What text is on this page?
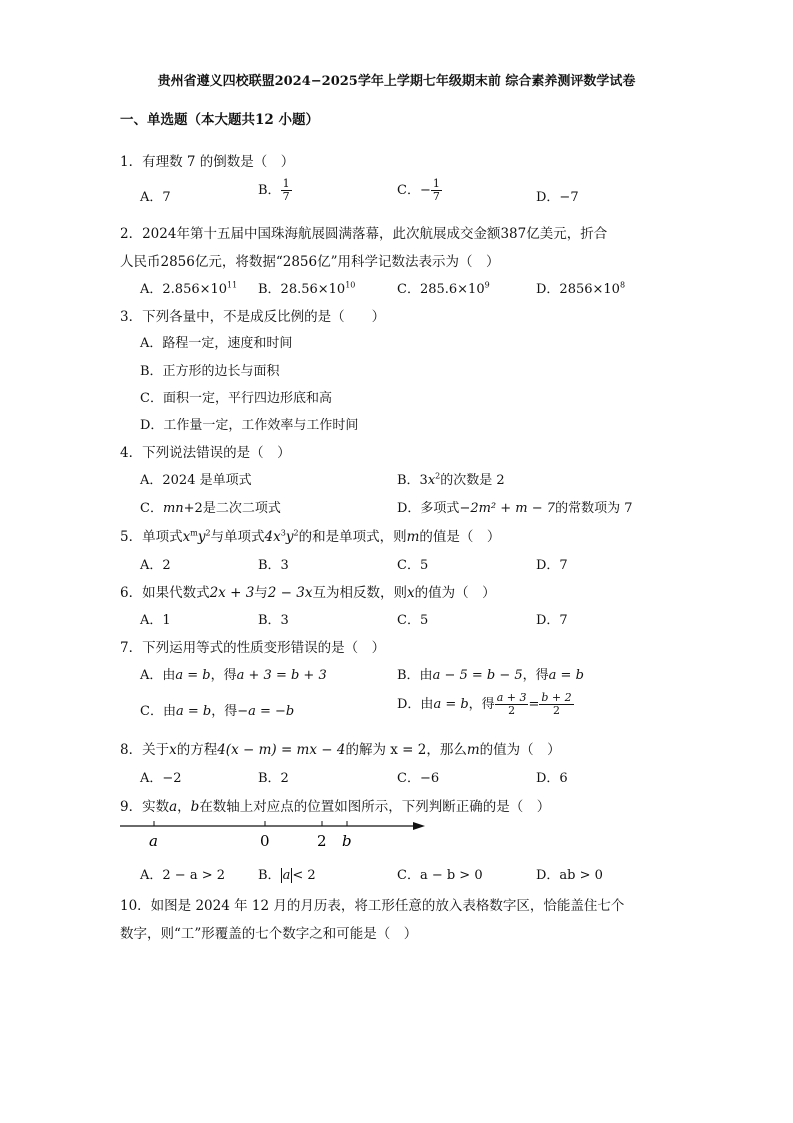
贵州省遵义四校联盟2024−2025学年上学期七年级期末前 综合素养测评数学试卷
一、单选题（本大题共12 小题）
1．有理数 7 的倒数是（　）
A．7	B． $\frac{1}{7}$	C．− $\frac{1}{7}$	D．−7
2．2024年第十五届中国珠海航展圆满落幕，此次航展成交金额387亿美元，折合
人民币2856亿元，将数据“2856亿”用科学记数法表示为（　）
A．$2.856\times 10^{11}$ B．$28.56\times 10^{10}$	C．$285.6\times 10^9$	D．$2856\times 10^8$
3．下列各量中，不是成反比例的是（　　）
A．路程一定，速度和时间
B．正方形的边长与面积
C．面积一定，平行四边形底和高
D．工作量一定，工作效率与工作时间
4．下列说法错误的是（　）
A．2024 是单项式	B．$3x^2$的次数是 2
C．mn+2是二次二项式	D．多项式−2m² + m − 7的常数项为 7
5．单项式$x^my^2$与单项式$4x^3y^2$的和是单项式，则m的值是（　）
A．2	B．3	C．5	D．7
6．如果代数式2x + 3与2 − 3x互为相反数，则x的值为（　）
A．1	B．3	C．5	D．7
7．下列运用等式的性质变形错误的是（　）
A．由a = b，得a + 3 = b + 3	B．由a − 5 = b − 5，得a = b
C．由a = b，得−a = −b	D．由a = b，得 $\frac{a + 3}{2} = \frac{b + 2}{2}$
8．关于x的方程4(x − m) = mx − 4的解为 x = 2，那么m的值为（　）
A．−2	B．2	C．−6	D．6
9．实数a，b在数轴上对应点的位置如图所示，下列判断正确的是（　）
a	0	2 b
A．2 − a > 2	B． a < 2	C．a − b > 0	D．ab > 0
10．如图是 2024 年 12 月的月历表，将工形任意的放入表格数字区，恰能盖住七个
数字，则“工”形覆盖的七个数字之和可能是（　）
